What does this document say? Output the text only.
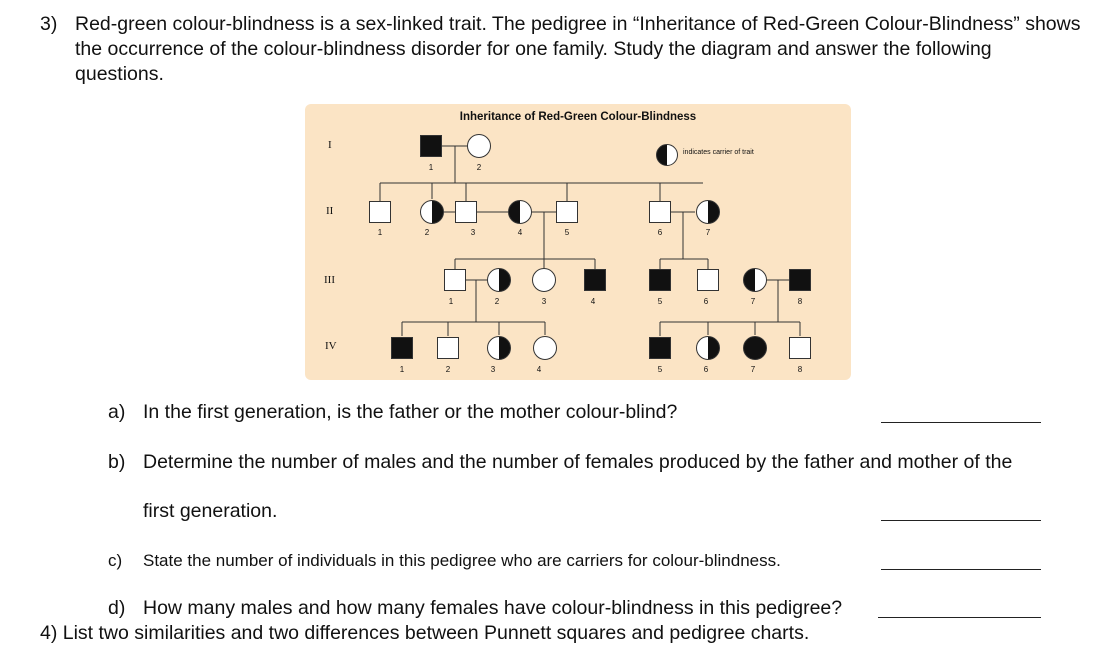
3) Red-green colour-blindness is a sex-linked trait. The pedigree in “Inheritance of Red-Green Colour-Blindness” shows the occurrence of the colour-blindness disorder for one family. Study the diagram and answer the following questions.
Inheritance of Red-Green Colour-Blindness
I
II
III
IV
indicates carrier of trait
1	2
1	2	3	4	5	6	7
1	2	3	4	5	6	7	8
1	2	3	4	5	6	7	8
a) In the first generation, is the father or the mother colour-blind?
b) Determine the number of males and the number of females produced by the father and mother of the
first generation.
c) State the number of individuals in this pedigree who are carriers for colour-blindness.
d) How many males and how many females have colour-blindness in this pedigree?
4) List two similarities and two differences between Punnett squares and pedigree charts.
